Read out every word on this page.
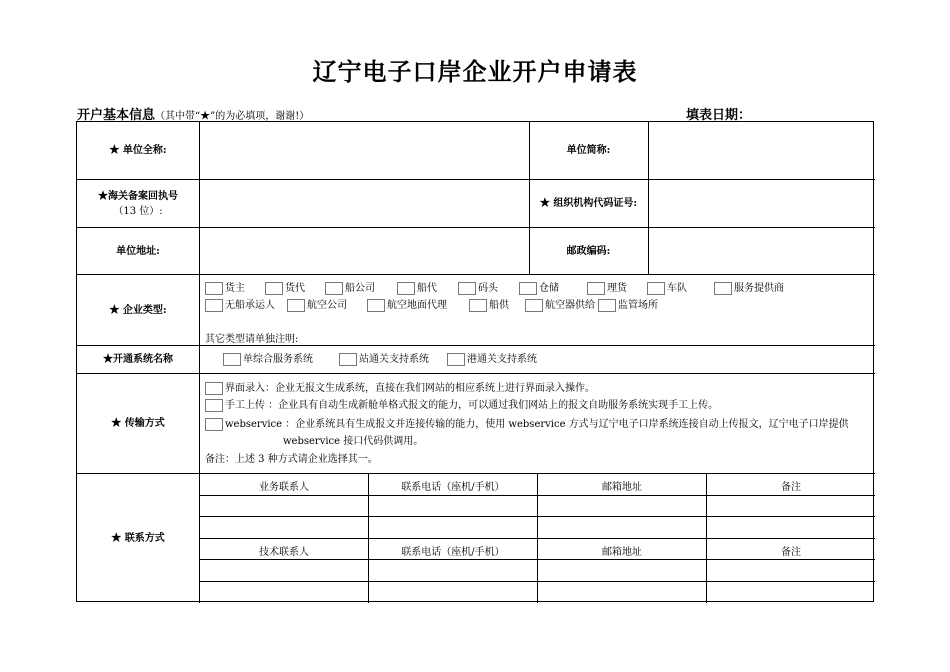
辽宁电子口岸企业开户申请表
开户基本信息（其中带“★”的为必填项，谢谢!）	填表日期：
★ 单位全称:	单位简称:
★海关备案回执号
（13 位）:
★ 组织机构代码证号:
单位地址:	邮政编码:
★ 企业类型:
货主	货代	船公司	船代	码头	仓储	理货	车队	服务提供商
无船承运人	航空公司	航空地面代理	船供	航空器供给	监管场所
其它类型请单独注明:
★开通系统名称	单综合服务系统	站通关支持系统	港通关支持系统
★ 传输方式
界面录入：企业无报文生成系统，直接在我们网站的相应系统上进行界面录入操作。
手工上传 ：企业具有自动生成新舱单格式报文的能力，可以通过我们网站上的报文自助服务系统实现手工上传。
webservice ：企业系统具有生成报文并连接传输的能力，使用 webservice 方式与辽宁电子口岸系统连接自动上传报文，辽宁电子口岸提供
webservice 接口代码供调用。
备注：上述 3 种方式请企业选择其一。
★ 联系方式
业务联系人	联系电话（座机/手机）	邮箱地址	备注
技术联系人	联系电话（座机/手机）	邮箱地址	备注
